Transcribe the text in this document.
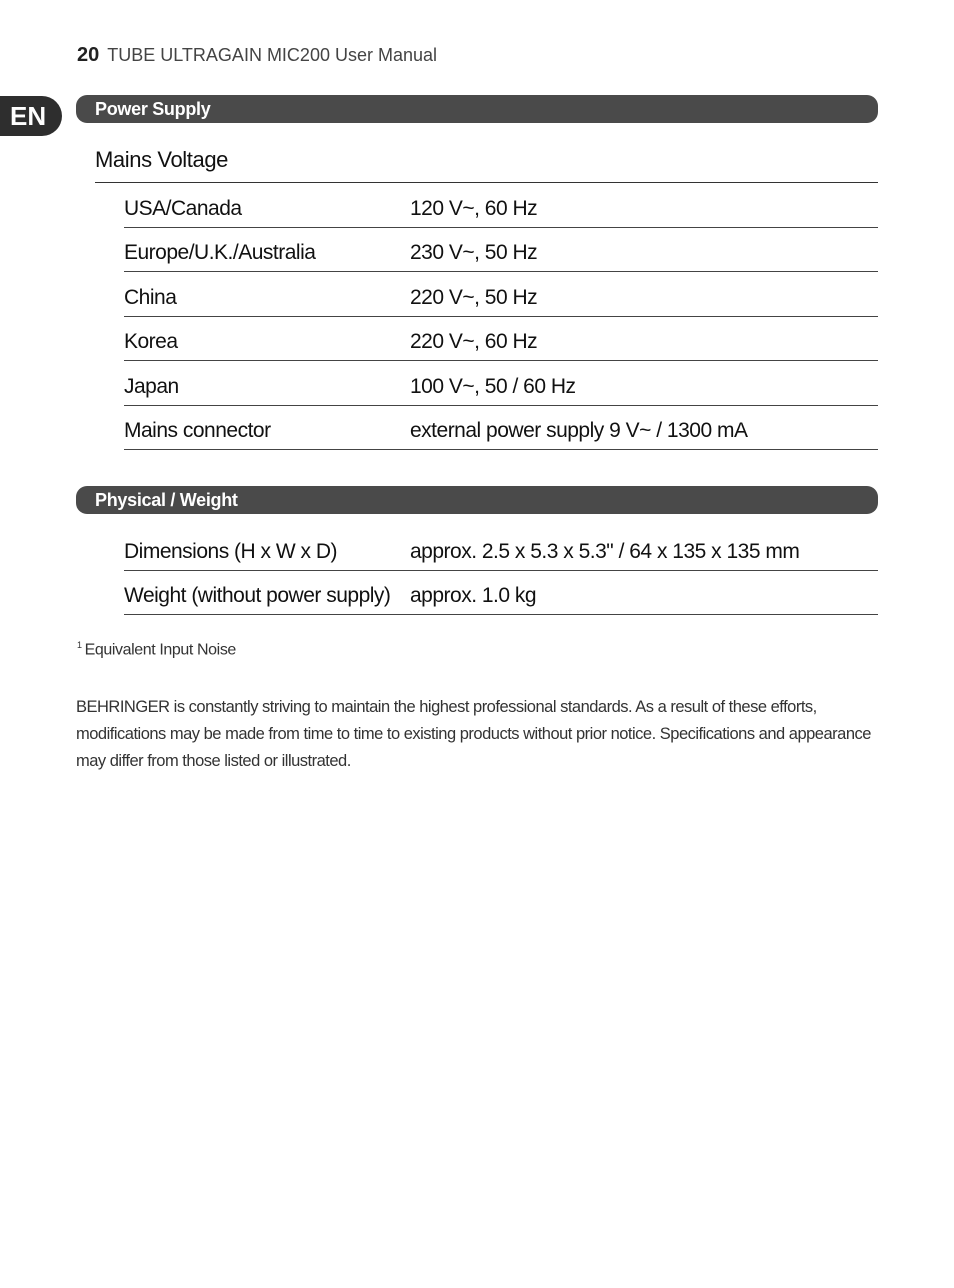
20 TUBE ULTRAGAIN MIC200 User Manual
EN	Power Supply
Mains Voltage
USA/Canada	120 V~, 60 Hz
Europe/U.K./Australia	230 V~, 50 Hz
China	220 V~, 50 Hz
Korea	220 V~, 60 Hz
Japan	100 V~, 50 / 60 Hz
Mains connector	external power supply 9 V~ / 1300 mA
Physical / Weight
Dimensions (H x W x D)	approx. 2.5 x 5.3 x 5.3" / 64 x 135 x 135 mm
Weight (without power supply) approx. 1.0 kg
$^1$ Equivalent Input Noise
BEHRINGER is constantly striving to maintain the highest professional standards. As a result of these efforts, modifications may be made from time to time to existing products without prior notice. Specifications and appearance may differ from those listed or illustrated.
